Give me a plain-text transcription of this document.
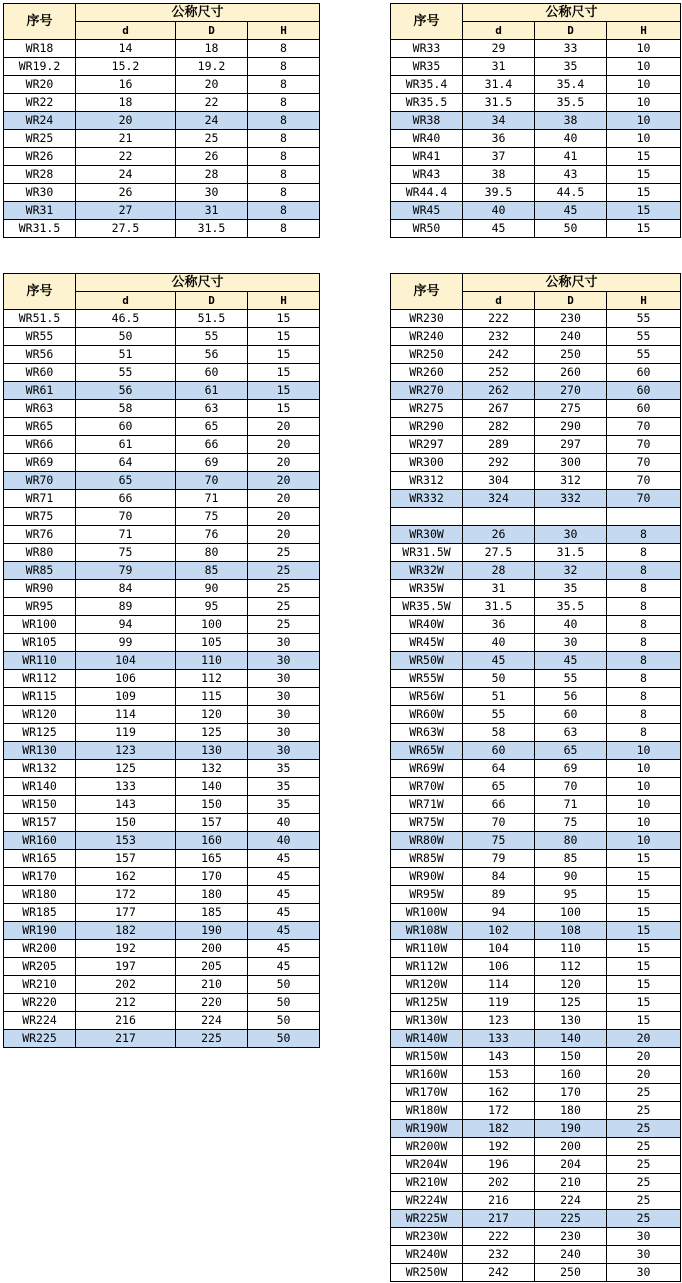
序号	公称尺寸		
	d	D	H
WR18	14	18	8
WR19.2	15.2	19.2	8
WR20	16	20	8
WR22	18	22	8
WR24	20	24	8
WR25	21	25	8
WR26	22	26	8
WR28	24	28	8
WR30	26	30	8
WR31	27	31	8
WR31.5	27.5	31.5	8
序号	公称尺寸		
	d	D	H
WR33	29	33	10
WR35	31	35	10
WR35.4	31.4	35.4	10
WR35.5	31.5	35.5	10
WR38	34	38	10
WR40	36	40	10
WR41	37	41	15
WR43	38	43	15
WR44.4	39.5	44.5	15
WR45	40	45	15
WR50	45	50	15
序号	公称尺寸		
	d	D	H
WR51.5	46.5	51.5	15
WR55	50	55	15
WR56	51	56	15
WR60	55	60	15
WR61	56	61	15
WR63	58	63	15
WR65	60	65	20
WR66	61	66	20
WR69	64	69	20
WR70	65	70	20
WR71	66	71	20
WR75	70	75	20
WR76	71	76	20
WR80	75	80	25
WR85	79	85	25
WR90	84	90	25
WR95	89	95	25
WR100	94	100	25
WR105	99	105	30
WR110	104	110	30
WR112	106	112	30
WR115	109	115	30
WR120	114	120	30
WR125	119	125	30
WR130	123	130	30
WR132	125	132	35
WR140	133	140	35
WR150	143	150	35
WR157	150	157	40
WR160	153	160	40
WR165	157	165	45
WR170	162	170	45
WR180	172	180	45
WR185	177	185	45
WR190	182	190	45
WR200	192	200	45
WR205	197	205	45
WR210	202	210	50
WR220	212	220	50
WR224	216	224	50
WR225	217	225	50
序号	公称尺寸		
	d	D	H
WR230	222	230	55
WR240	232	240	55
WR250	242	250	55
WR260	252	260	60
WR270	262	270	60
WR275	267	275	60
WR290	282	290	70
WR297	289	297	70
WR300	292	300	70
WR312	304	312	70
WR332	324	332	70

WR30W	26	30	8
WR31.5W	27.5	31.5	8
WR32W	28	32	8
WR35W	31	35	8
WR35.5W	31.5	35.5	8
WR40W	36	40	8
WR45W	40	30	8
WR50W	45	45	8
WR55W	50	55	8
WR56W	51	56	8
WR60W	55	60	8
WR63W	58	63	8
WR65W	60	65	10
WR69W	64	69	10
WR70W	65	70	10
WR71W	66	71	10
WR75W	70	75	10
WR80W	75	80	10
WR85W	79	85	15
WR90W	84	90	15
WR95W	89	95	15
WR100W	94	100	15
WR108W	102	108	15
WR110W	104	110	15
WR112W	106	112	15
WR120W	114	120	15
WR125W	119	125	15
WR130W	123	130	15
WR140W	133	140	20
WR150W	143	150	20
WR160W	153	160	20
WR170W	162	170	25
WR180W	172	180	25
WR190W	182	190	25
WR200W	192	200	25
WR204W	196	204	25
WR210W	202	210	25
WR224W	216	224	25
WR225W	217	225	25
WR230W	222	230	30
WR240W	232	240	30
WR250W	242	250	30
